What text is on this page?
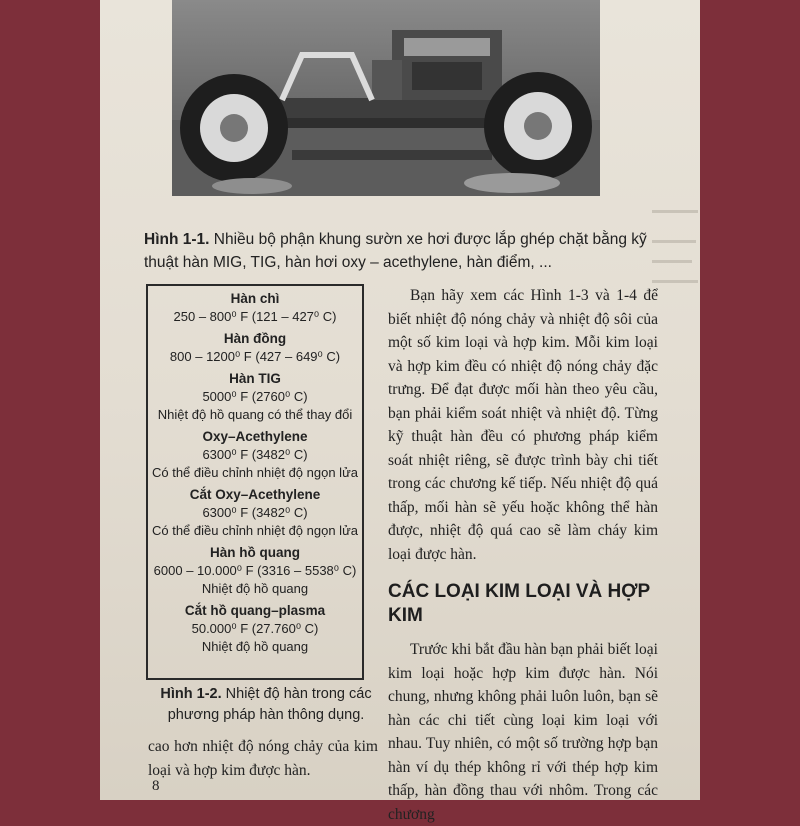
Hình 1-1. Nhiều bộ phận khung sườn xe hơi được lắp ghép chặt bằng kỹ thuật hàn MIG, TIG, hàn hơi oxy – acethylene, hàn điểm, ...
Hàn chì
250 – 800⁰ F (121 – 427⁰ C)
Hàn đồng
800 – 1200⁰ F (427 – 649⁰ C)
Hàn TIG
5000⁰ F (2760⁰ C)
Nhiệt độ hồ quang có thể thay đổi
Oxy–Acethylene
6300⁰ F (3482⁰ C)
Có thể điều chỉnh nhiệt độ ngọn lửa
Cắt Oxy–Acethylene
6300⁰ F (3482⁰ C)
Có thể điều chỉnh nhiệt độ ngọn lửa
Hàn hồ quang
6000 – 10.000⁰ F (3316 – 5538⁰ C)
Nhiệt độ hồ quang
Cắt hồ quang–plasma
50.000⁰ F (27.760⁰ C)
Nhiệt độ hồ quang
Hình 1-2. Nhiệt độ hàn trong các phương pháp hàn thông dụng.
cao hơn nhiệt độ nóng chảy của kim loại và hợp kim được hàn.

Bạn hãy xem các Hình 1-3 và 1-4 để biết nhiệt độ nóng chảy và nhiệt độ sôi của một số kim loại và hợp kim. Mỗi kim loại và hợp kim đều có nhiệt độ nóng chảy đặc trưng. Để đạt được mối hàn theo yêu cầu, bạn phải kiểm soát nhiệt và nhiệt độ. Từng kỹ thuật hàn đều có phương pháp kiểm soát nhiệt riêng, sẽ được trình bày chi tiết trong các chương kế tiếp. Nếu nhiệt độ quá thấp, mối hàn sẽ yếu hoặc không thể hàn được, nhiệt độ quá cao sẽ làm cháy kim loại được hàn.

CÁC LOẠI KIM LOẠI VÀ HỢP KIM

Trước khi bắt đầu hàn bạn phải biết loại kim loại hoặc hợp kim được hàn. Nói chung, nhưng không phải luôn luôn, bạn sẽ hàn các chi tiết cùng loại kim loại với nhau. Tuy nhiên, có một số trường hợp bạn hàn ví dụ thép không rỉ với thép hợp kim thấp, hàn đồng thau với nhôm. Trong các chương

8
